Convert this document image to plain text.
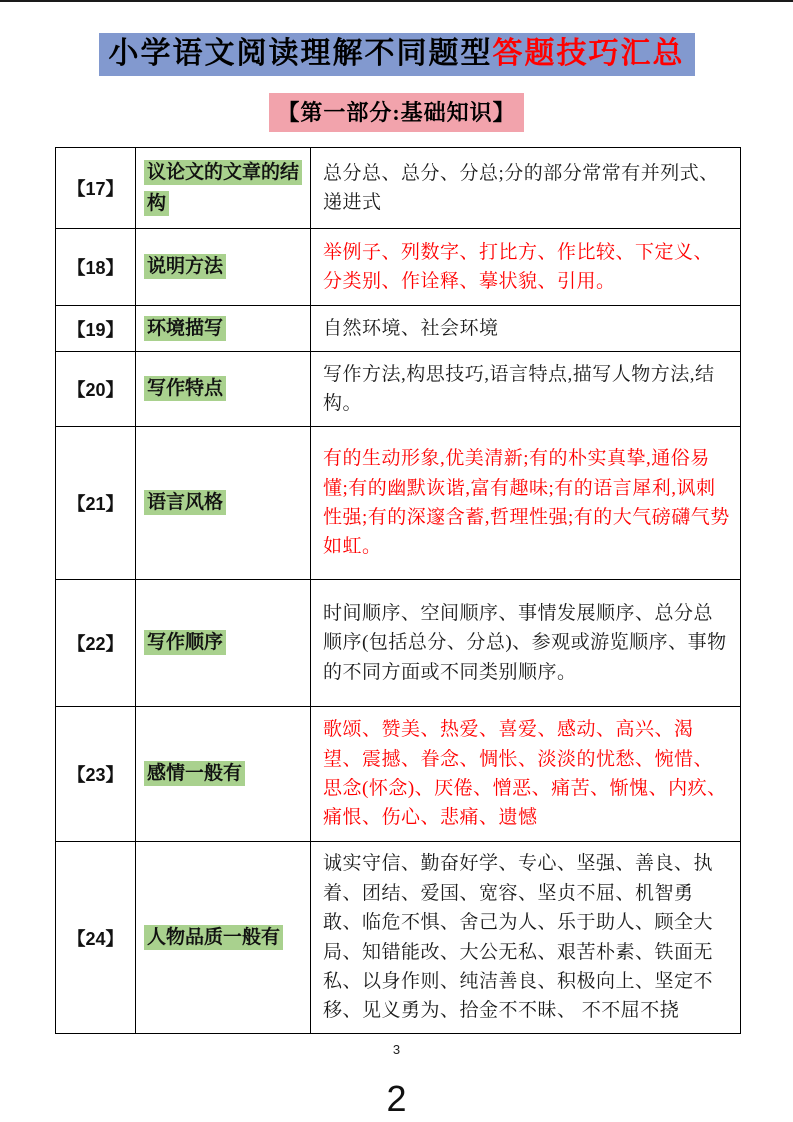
小学语文阅读理解不同题型答题技巧汇总
【第一部分:基础知识】
【17】	议论文的文章的结构	总分总、总分、分总;分的部分常常有并列式、递进式
【18】	说明方法	举例子、列数字、打比方、作比较、下定义、分类别、作诠释、摹状貌、引用。
【19】	环境描写	自然环境、社会环境
【20】	写作特点	写作方法,构思技巧,语言特点,描写人物方法,结构。
【21】	语言风格	有的生动形象,优美清新;有的朴实真挚,通俗易懂;有的幽默诙谐,富有趣味;有的语言犀利,讽刺性强;有的深邃含蓄,哲理性强;有的大气磅礴气势如虹。
【22】	写作顺序	时间顺序、空间顺序、事情发展顺序、总分总顺序(包括总分、分总)、参观或游览顺序、事物的不同方面或不同类别顺序。
【23】	感情一般有	歌颂、赞美、热爱、喜爱、感动、高兴、渴望、震撼、眷念、惆怅、淡淡的忧愁、惋惜、思念(怀念)、厌倦、憎恶、痛苦、惭愧、内疚、痛恨、伤心、悲痛、遗憾
【24】	人物品质一般有	诚实守信、勤奋好学、专心、坚强、善良、执着、团结、爱国、宽容、坚贞不屈、机智勇敢、临危不惧、舍己为人、乐于助人、顾全大局、知错能改、大公无私、艰苦朴素、铁面无私、以身作则、纯洁善良、积极向上、坚定不移、见义勇为、拾金不不昧、 不不屈不挠
3
2
